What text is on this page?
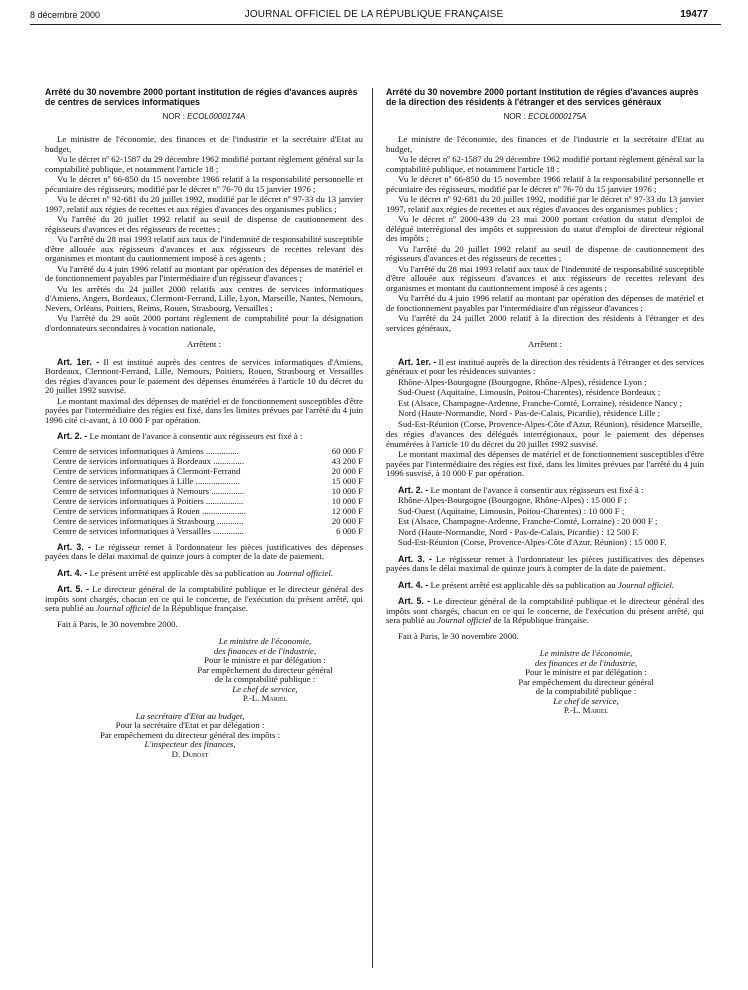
8 décembre 2000	JOURNAL OFFICIEL DE LA RÉPUBLIQUE FRANÇAISE	19477
Arrêté du 30 novembre 2000 portant institution de régies d'avances auprès de centres de services informatiques
NOR : ECOL0000174A

Le ministre de l'économie, des finances et de l'industrie et la secrétaire d'Etat au budget,

Vu le décret nº 62-1587 du 29 décembre 1962 modifié portant règlement général sur la comptabilité publique, et notamment l'article 18 ;

Vu le décret nº 66-850 du 15 novembre 1966 relatif à la responsabilité personnelle et pécuniaire des régisseurs, modifié par le décret nº 76-70 du 15 janvier 1976 ;

Vu le décret nº 92-681 du 20 juillet 1992, modifié par le décret nº 97-33 du 13 janvier 1997, relatif aux régies de recettes et aux régies d'avances des organismes publics ;

Vu l'arrêté du 20 juillet 1992 relatif au seuil de dispense de cautionnement des régisseurs d'avances et des régisseurs de recettes ;

Vu l'arrêté du 28 mai 1993 relatif aux taux de l'indemnité de responsabilité susceptible d'être allouée aux régisseurs d'avances et aux régisseurs de recettes relevant des organismes et montant du cautionnement imposé à ces agents ;

Vu l'arrêté du 4 juin 1996 relatif au montant par opération des dépenses de matériel et de fonctionnement payables par l'intermédiaire d'un régisseur d'avances ;

Vu les arrêtés du 24 juillet 2000 relatifs aux centres de services informatiques d'Amiens, Angers, Bordeaux, Clermont-Ferrand, Lille, Lyon, Marseille, Nantes, Nemours, Nevers, Orléans, Poitiers, Reims, Rouen, Strasbourg, Versailles ;

Vu l'arrêté du 29 août 2000 portant règlement de comptabilité pour la désignation d'ordonnateurs secondaires à vocation nationale,

Arrêtent :

Art. 1er. - Il est institué auprès des centres de services informatiques d'Amiens, Bordeaux, Clermont-Ferrand, Lille, Nemours, Poitiers, Rouen, Strasbourg et Versailles des régies d'avances pour le paiement des dépenses énumérées à l'article 10 du décret du 20 juillet 1992 susvisé.

Le montant maximal des dépenses de matériel et de fonctionnement susceptibles d'être payées par l'intermédiaire des régies est fixé, dans les limites prévues par l'arrêté du 4 juin 1996 cité ci-avant, à 10 000 F par opération.

Art. 2. - Le montant de l'avance à consentir aux régisseurs est fixé à :

Centre de services informatiques à Amiens ...............	60 000 F
Centre de services informatiques à Bordeaux ..............	43 200 F
Centre de services informatiques à Clermont-Ferrand	20 000 F
Centre de services informatiques à Lille ....................	15 000 F
Centre de services informatiques à Nemours ...............	10 000 F
Centre de services informatiques à Poitiers .................	10 000 F
Centre de services informatiques à Rouen ....................	12 000 F
Centre de services informatiques à Strasbourg ............	20 000 F
Centre de services informatiques à Versailles ..............	6 000 F

Art. 3. - Le régisseur remet à l'ordonnateur les pièces justificatives des dépenses payées dans le délai maximal de quinze jours à compter de la date de paiement.

Art. 4. - Le présent arrêté est applicable dès sa publication au Journal officiel.

Art. 5. - Le directeur général de la comptabilité publique et le directeur général des impôts sont chargés, chacun en ce qui le concerne, de l'exécution du présent arrêté, qui sera publié au Journal officiel de la République française.

Fait à Paris, le 30 novembre 2000.

Le ministre de l'économie,

des finances et de l'industrie,

Pour le ministre et par délégation :

Par empêchement du directeur général

de la comptabilité publique :

Le chef de service,

P.-L. Mariel

La secrétaire d'Etat au budget,

Pour la secrétaire d'Etat et par délégation :

Par empêchement du directeur général des impôts :

L'inspecteur des finances,

D. Dubost

Arrêté du 30 novembre 2000 portant institution de régies d'avances auprès de la direction des résidents à l'étranger et des services généraux
NOR : ECOL0000175A

Le ministre de l'économie, des finances et de l'industrie et la secrétaire d'Etat au budget,

Vu le décret nº 62-1587 du 29 décembre 1962 modifié portant règlement général sur la comptabilité publique, et notamment l'article 18 ;

Vu le décret nº 66-850 du 15 novembre 1966 relatif à la responsabilité personnelle et pécuniaire des régisseurs, modifié par le décret nº 76-70 du 15 janvier 1976 ;

Vu le décret nº 92-681 du 20 juillet 1992, modifié par le décret nº 97-33 du 13 janvier 1997, relatif aux régies de recettes et aux régies d'avances des organismes publics ;

Vu le décret nº 2000-439 du 23 mai 2000 portant création du statut d'emploi de délégué interrégional des impôts et suppression du statut d'emploi de directeur régional des impôts ;

Vu l'arrêté du 20 juillet 1992 relatif au seuil de dispense de cautionnement des régisseurs d'avances et des régisseurs de recettes ;

Vu l'arrêté du 28 mai 1993 relatif aux taux de l'indemnité de responsabilité susceptible d'être allouée aux régisseurs d'avances et aux régisseurs de recettes relevant des organismes et montant du cautionnement imposé à ces agents ;

Vu l'arrêté du 4 juin 1996 relatif au montant par opération des dépenses de matériel et de fonctionnement payables par l'intermédiaire d'un régisseur d'avances ;

Vu l'arrêté du 24 juillet 2000 relatif à la direction des résidents à l'étranger et des services généraux,

Arrêtent :

Art. 1er. - Il est institué auprès de la direction des résidents à l'étranger et des services généraux et pour les résidences suivantes :

Rhône-Alpes-Bourgogne (Bourgogne, Rhône-Alpes), résidence Lyon ;

Sud-Ouest (Aquitaine, Limousin, Poitou-Charentes), résidence Bordeaux ;

Est (Alsace, Champagne-Ardenne, Franche-Comté, Lorraine), résidence Nancy ;

Nord (Haute-Normandie, Nord - Pas-de-Calais, Picardie), résidence Lille ;

Sud-Est-Réunion (Corse, Provence-Alpes-Côte d'Azur, Réunion), résidence Marseille,

des régies d'avances des délégués interrégionaux, pour le paiement des dépenses énumérées à l'article 10 du décret du 20 juillet 1992 susvisé.

Le montant maximal des dépenses de matériel et de fonctionnement susceptibles d'être payées par l'intermédiaire des régies est fixé, dans les limites prévues par l'arrêté du 4 juin 1996 susvisé, à 10 000 F par opération.

Art. 2. - Le montant de l'avance à consentir aux régisseurs est fixé à :

Rhône-Alpes-Bourgogne (Bourgogne, Rhône-Alpes) : 15 000 F ;

Sud-Ouest (Aquitaine, Limousin, Poitou-Charentes) : 10 000 F ;

Est (Alsace, Champagne-Ardenne, Franche-Comté, Lorraine) : 20 000 F ;

Nord (Haute-Normandie, Nord - Pas-de-Calais, Picardie) : 12 500 F.

Sud-Est-Réunion (Corse, Provence-Alpes-Côte d'Azur, Réunion) : 15 000 F.

Art. 3. - Le régisseur remet à l'ordonnateur les pièces justificatives des dépenses payées dans le délai maximal de quinze jours à compter de la date de paiement.

Art. 4. - Le présent arrêté est applicable dès sa publication au Journal officiel.

Art. 5. - Le directeur général de la comptabilité publique et le directeur général des impôts sont chargés, chacun en ce qui le concerne, de l'exécution du présent arrêté, qui sera publié au Journal officiel de la République française.

Fait à Paris, le 30 novembre 2000.

Le ministre de l'économie,

des finances et de l'industrie,

Pour le ministre et par délégation :

Par empêchement du directeur général

de la comptabilité publique :

Le chef de service,

P.-L. Mariel
